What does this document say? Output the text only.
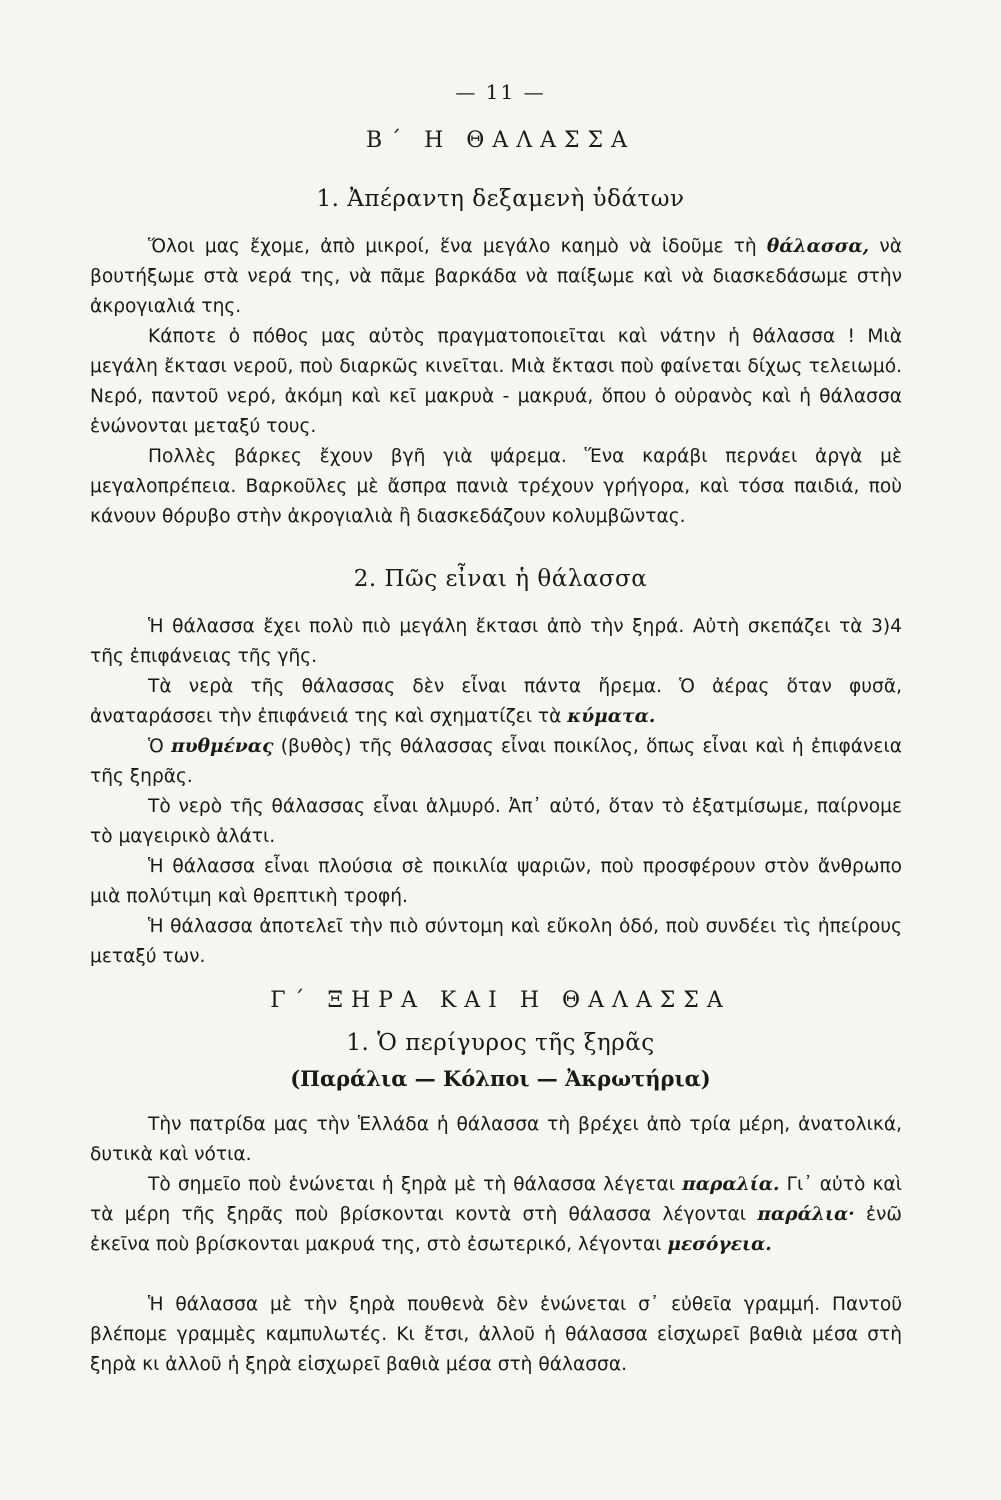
— 11 —
Β΄ Η ΘΑΛΑΣΣΑ
1. Ἀπέραντη δεξαμενὴ ὑδάτων

Ὅλοι μας ἔχομε, ἀπὸ μικροί, ἕνα μεγάλο καημὸ νὰ ἰδοῦμε τὴ θάλασσα, νὰ βουτήξωμε στὰ νερά της, νὰ πᾶμε βαρκάδα νὰ παίξωμε καὶ νὰ διασκεδάσωμε στὴν ἀκρογιαλιά της.

Κάποτε ὁ πόθος μας αὐτὸς πραγματοποιεῖται καὶ νάτην ἡ θάλασσα ! Μιὰ μεγάλη ἔκτασι νεροῦ, ποὺ διαρκῶς κινεῖται. Μιὰ ἔκτασι ποὺ φαίνεται δίχως τελειωμό. Νερό, παντοῦ νερό, ἀκόμη καὶ κεῖ μακρυὰ - μακρυά, ὅπου ὁ οὐρανὸς καὶ ἡ θάλασσα ἑνώνονται μεταξύ τους.

Πολλὲς βάρκες ἔχουν βγῆ γιὰ ψάρεμα. Ἕνα καράβι περνάει ἀργὰ μὲ μεγαλοπρέπεια. Βαρκοῦλες μὲ ἄσπρα πανιὰ τρέχουν γρήγορα, καὶ τόσα παιδιά, ποὺ κάνουν θόρυβο στὴν ἀκρογιαλιὰ ἢ διασκεδάζουν κολυμβῶντας.

2. Πῶς εἶναι ἡ θάλασσα

Ἡ θάλασσα ἔχει πολὺ πιὸ μεγάλη ἔκτασι ἀπὸ τὴν ξηρά. Αὐτὴ σκεπάζει τὰ 3)4 τῆς ἐπιφάνειας τῆς γῆς.

Τὰ νερὰ τῆς θάλασσας δὲν εἶναι πάντα ἤρεμα. Ὁ ἀέρας ὅταν φυσᾶ, ἀναταράσσει τὴν ἐπιφάνειά της καὶ σχηματίζει τὰ κύματα.

Ὁ πυθμένας (βυθὸς) τῆς θάλασσας εἶναι ποικίλος, ὅπως εἶναι καὶ ἡ ἐπιφάνεια τῆς ξηρᾶς.

Τὸ νερὸ τῆς θάλασσας εἶναι ἁλμυρό. Ἀπ᾽ αὐτό, ὅταν τὸ ἐξατμίσωμε, παίρνομε τὸ μαγειρικὸ ἁλάτι.

Ἡ θάλασσα εἶναι πλούσια σὲ ποικιλία ψαριῶν, ποὺ προσφέρουν στὸν ἄνθρωπο μιὰ πολύτιμη καὶ θρεπτικὴ τροφή.

Ἡ θάλασσα ἀποτελεῖ τὴν πιὸ σύντομη καὶ εὔκολη ὁδό, ποὺ συνδέει τὶς ἠπείρους μεταξύ των.

Γ΄ ΞΗΡΑ ΚΑΙ Η ΘΑΛΑΣΣΑ
1. Ὁ περίγυρος τῆς ξηρᾶς
(Παράλια — Κόλποι — Ἀκρωτήρια)

Τὴν πατρίδα μας τὴν Ἑλλάδα ἡ θάλασσα τὴ βρέχει ἀπὸ τρία μέρη, ἀνατολικά, δυτικὰ καὶ νότια.

Τὸ σημεῖο ποὺ ἑνώνεται ἡ ξηρὰ μὲ τὴ θάλασσα λέγεται παραλία. Γι᾽ αὐτὸ καὶ τὰ μέρη τῆς ξηρᾶς ποὺ βρίσκονται κοντὰ στὴ θάλασσα λέγονται παράλια· ἐνῶ ἐκεῖνα ποὺ βρίσκονται μακρυά της, στὸ ἐσωτερικό, λέγονται μεσόγεια.

Ἡ θάλασσα μὲ τὴν ξηρὰ πουθενὰ δὲν ἑνώνεται σ᾽ εὐθεῖα γραμμή. Παντοῦ βλέπομε γραμμὲς καμπυλωτές. Κι ἔτσι, ἀλλοῦ ἡ θάλασσα εἰσχωρεῖ βαθιὰ μέσα στὴ ξηρὰ κι ἀλλοῦ ἡ ξηρὰ εἰσχωρεῖ βαθιὰ μέσα στὴ θάλασσα.
